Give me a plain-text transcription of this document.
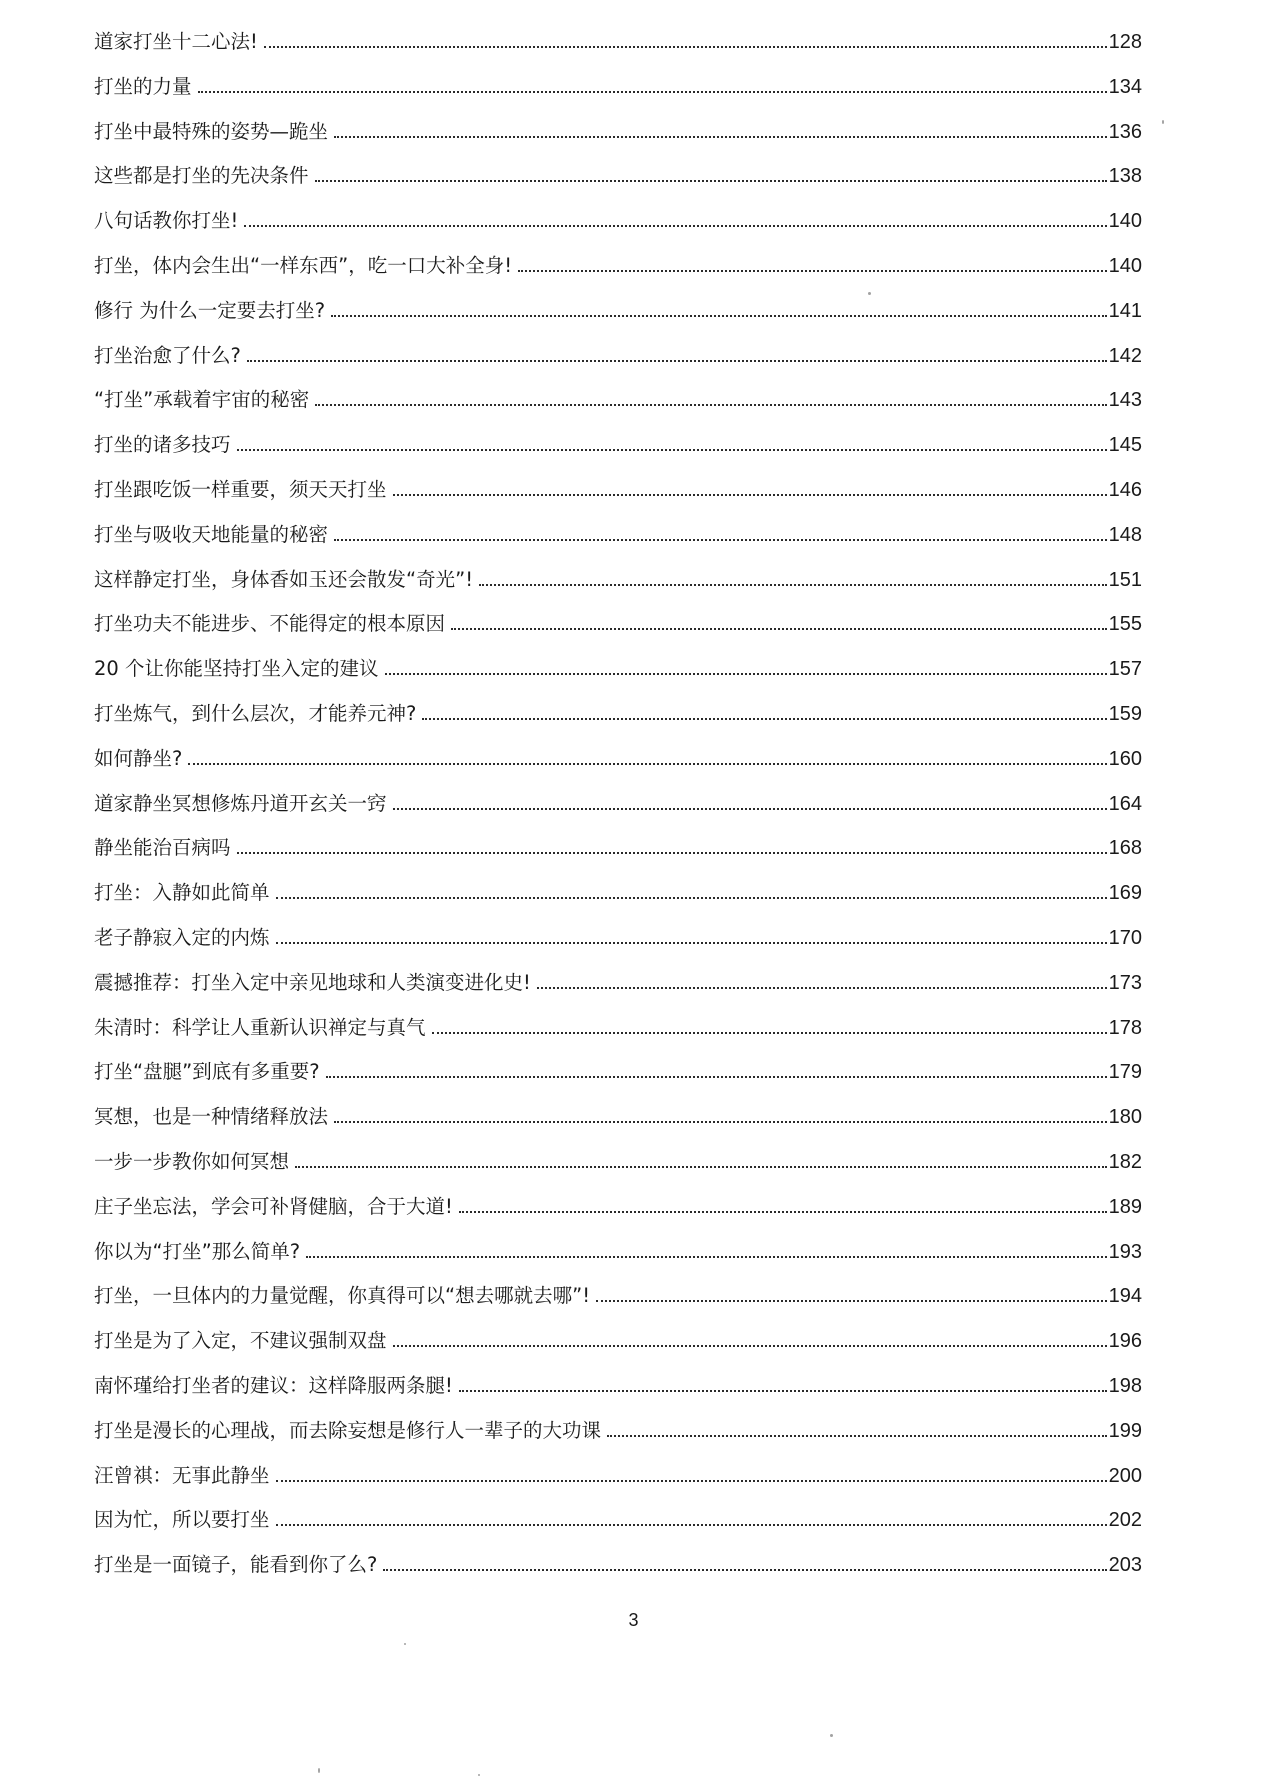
道家打坐十二心法!	128
打坐的力量	134
打坐中最特殊的姿势—跪坐	136
这些都是打坐的先决条件	138
八句话教你打坐!	140
打坐，体内会生出“一样东西”，吃一口大补全身!	140
修行 为什么一定要去打坐?	141
打坐治愈了什么?	142
“打坐”承载着宇宙的秘密	143
打坐的诸多技巧	145
打坐跟吃饭一样重要，须天天打坐	146
打坐与吸收天地能量的秘密	148
这样静定打坐，身体香如玉还会散发“奇光”!	151
打坐功夫不能进步、不能得定的根本原因	155
20 个让你能坚持打坐入定的建议	157
打坐炼气，到什么层次，才能养元神?	159
如何静坐?	160
道家静坐冥想修炼丹道开玄关一窍	164
静坐能治百病吗	168
打坐：入静如此简单	169
老子静寂入定的内炼	170
震撼推荐：打坐入定中亲见地球和人类演变进化史!	173
朱清时：科学让人重新认识禅定与真气	178
打坐“盘腿”到底有多重要?	179
冥想，也是一种情绪释放法	180
一步一步教你如何冥想	182
庄子坐忘法，学会可补肾健脑，合于大道!	189
你以为“打坐”那么简单?	193
打坐，一旦体内的力量觉醒，你真得可以“想去哪就去哪”!	194
打坐是为了入定，不建议强制双盘	196
南怀瑾给打坐者的建议：这样降服两条腿!	198
打坐是漫长的心理战，而去除妄想是修行人一辈子的大功课	199
汪曾祺：无事此静坐	200
因为忙，所以要打坐	202
打坐是一面镜子，能看到你了么?	203
3
